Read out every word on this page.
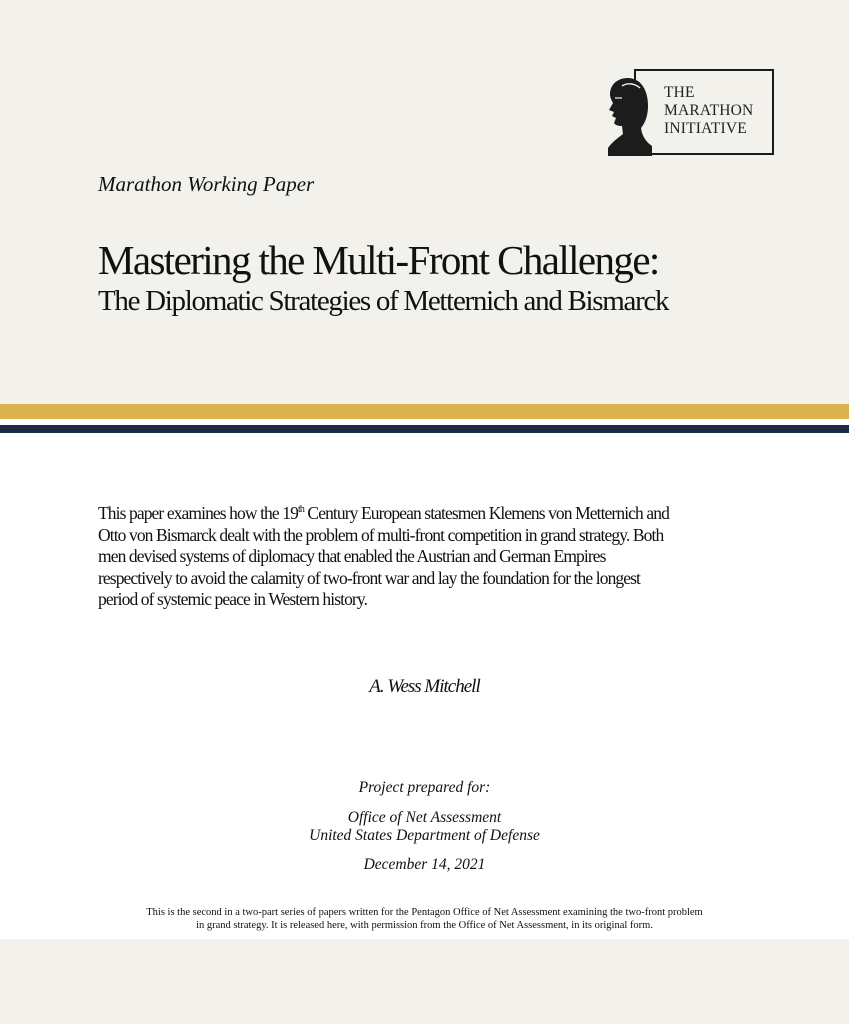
THE
MARATHON
INITIATIVE
Marathon Working Paper
Mastering the Multi-Front Challenge:
The Diplomatic Strategies of Metternich and Bismarck
This paper examines how the 19th Century European statesmen Klemens von Metternich and
Otto von Bismarck dealt with the problem of multi-front competition in grand strategy. Both
men devised systems of diplomacy that enabled the Austrian and German Empires
respectively to avoid the calamity of two-front war and lay the foundation for the longest
period of systemic peace in Western history.
A. Wess Mitchell
Project prepared for:
Office of Net Assessment
United States Department of Defense
December 14, 2021
This is the second in a two-part series of papers written for the Pentagon Office of Net Assessment examining the two-front problem
in grand strategy. It is released here, with permission from the Office of Net Assessment, in its original form.
